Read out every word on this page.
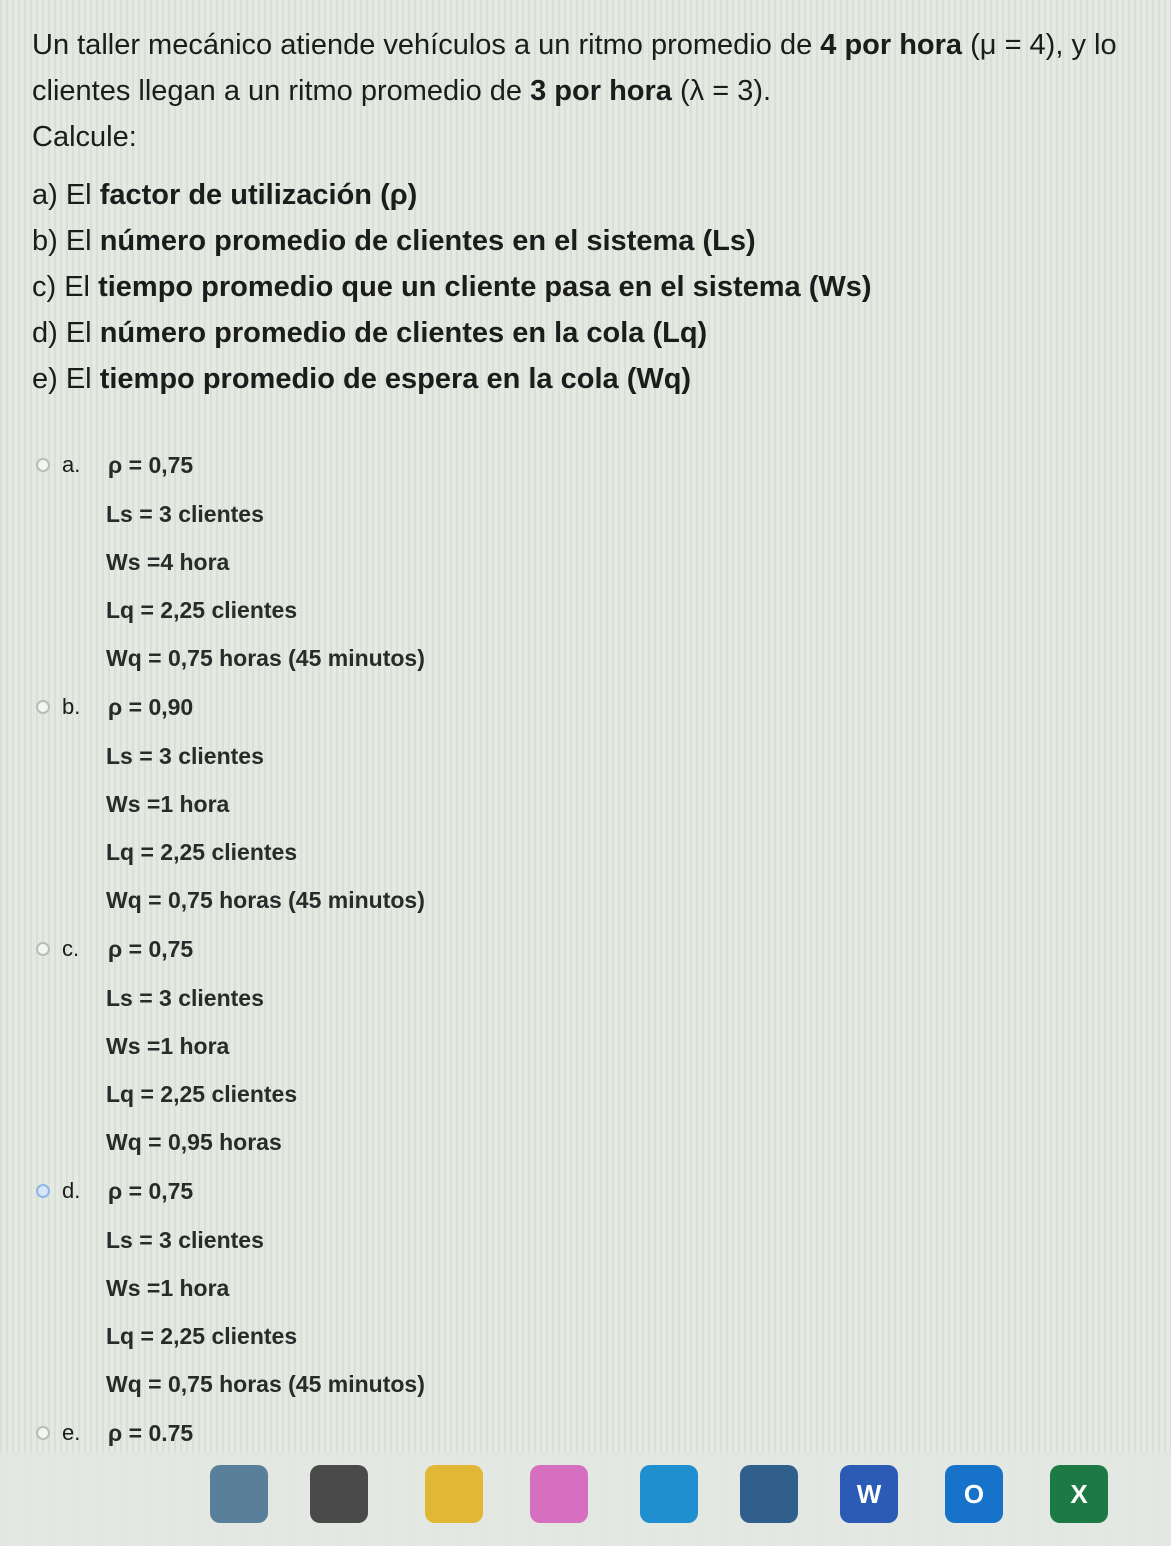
Un taller mecánico atiende vehículos a un ritmo promedio de 4 por hora (μ = 4), y lo
clientes llegan a un ritmo promedio de 3 por hora (λ = 3).
Calcule:
a) El factor de utilización (ρ)
b) El número promedio de clientes en el sistema (Ls)
c) El tiempo promedio que un cliente pasa en el sistema (Ws)
d) El número promedio de clientes en la cola (Lq)
e) El tiempo promedio de espera en la cola (Wq)
a.	ρ = 0,75
Ls = 3 clientes
Ws =4 hora
Lq = 2,25 clientes
Wq = 0,75 horas (45 minutos)
b.	ρ = 0,90
Ls = 3 clientes
Ws =1 hora
Lq = 2,25 clientes
Wq = 0,75 horas (45 minutos)
c.	ρ = 0,75
Ls = 3 clientes
Ws =1 hora
Lq = 2,25 clientes
Wq = 0,95 horas
d.	ρ = 0,75
Ls = 3 clientes
Ws =1 hora
Lq = 2,25 clientes
Wq = 0,75 horas (45 minutos)
e.	ρ = 0.75
W	O	X
